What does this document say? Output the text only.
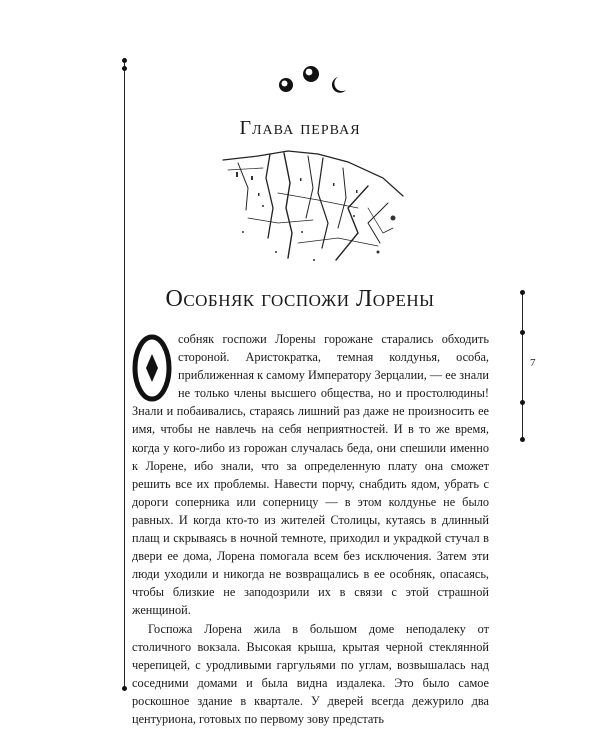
7
Глава первая
Особняк госпожи Лорены

собняк госпожи Лорены горожане старались обходить стороной. Аристократка, темная колдунья, особа, приближенная к самому Императору Зерцалии, — ее знали не только члены высшего общества, но и простолюдины! Знали и побаивались, стараясь лишний раз даже не произносить ее имя, чтобы не навлечь на себя неприятностей. И в то же время, когда у кого-либо из горожан случалась беда, они спешили именно к Лорене, ибо знали, что за определенную плату она сможет решить все их проблемы. Навести порчу, снабдить ядом, убрать с дороги соперника или соперницу — в этом колдунье не было равных. И когда кто-то из жителей Столицы, кутаясь в длинный плащ и скрываясь в ночной темноте, приходил и украдкой стучал в двери ее дома, Лорена помогала всем без исключения. Затем эти люди уходили и никогда не возвращались в ее особняк, опасаясь, чтобы близкие не заподозрили их в связи с этой страшной женщиной.

Госпожа Лорена жила в большом доме неподалеку от столичного вокзала. Высокая крыша, крытая черной стеклянной черепицей, с уродливыми гаргульями по углам, возвышалась над соседними домами и была видна издалека. Это было самое роскошное здание в квартале. У дверей всегда дежурило два центуриона, готовых по первому зову предстать
